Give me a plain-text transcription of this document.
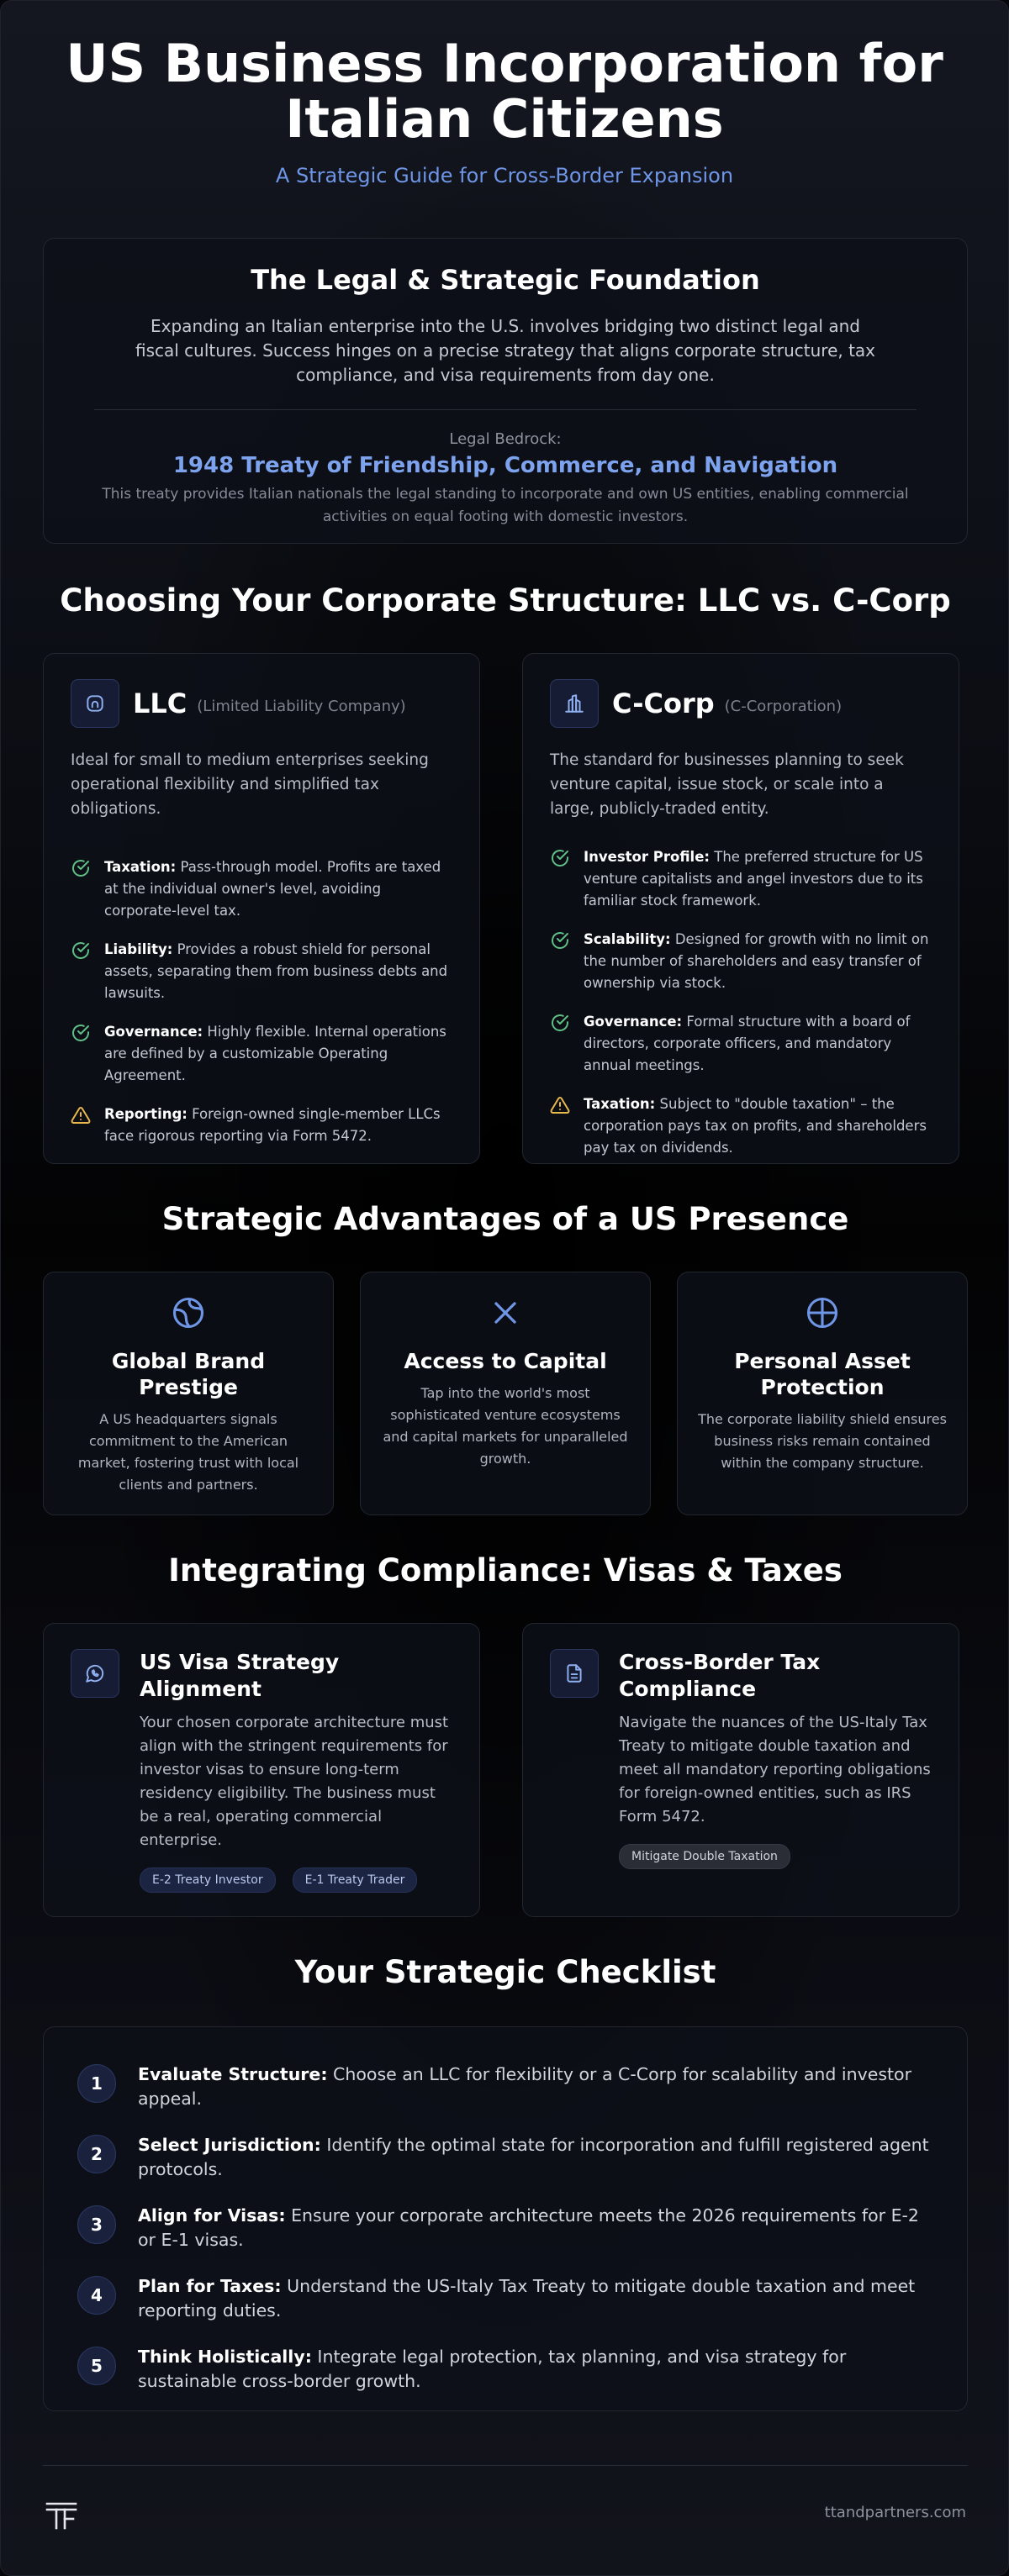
US Business Incorporation for Italian Citizens
A Strategic Guide for Cross-Border Expansion
The Legal & Strategic Foundation

Expanding an Italian enterprise into the U.S. involves bridging two distinct legal and fiscal cultures. Success hinges on a precise strategy that aligns corporate structure, tax compliance, and visa requirements from day one.

Legal Bedrock:
1948 Treaty of Friendship, Commerce, and Navigation

This treaty provides Italian nationals the legal standing to incorporate and own US entities, enabling commercial activities on equal footing with domestic investors.

Choosing Your Corporate Structure: LLC vs. C-Corp
LLC (Limited Liability Company)

Ideal for small to medium enterprises seeking operational flexibility and simplified tax obligations.

Taxation: Pass-through model. Profits are taxed at the individual owner's level, avoiding corporate-level tax.
Liability: Provides a robust shield for personal assets, separating them from business debts and lawsuits.
Governance: Highly flexible. Internal operations are defined by a customizable Operating Agreement.
Reporting: Foreign-owned single-member LLCs face rigorous reporting via Form 5472.
C-Corp (C-Corporation)

The standard for businesses planning to seek venture capital, issue stock, or scale into a large, publicly-traded entity.

Investor Profile: The preferred structure for US venture capitalists and angel investors due to its familiar stock framework.
Scalability: Designed for growth with no limit on the number of shareholders and easy transfer of ownership via stock.
Governance: Formal structure with a board of directors, corporate officers, and mandatory annual meetings.
Taxation: Subject to "double taxation" – the corporation pays tax on profits, and shareholders pay tax on dividends.
Strategic Advantages of a US Presence
Global Brand Prestige

A US headquarters signals commitment to the American market, fostering trust with local clients and partners.

Access to Capital

Tap into the world's most sophisticated venture ecosystems and capital markets for unparalleled growth.

Personal Asset Protection

The corporate liability shield ensures business risks remain contained within the company structure.

Integrating Compliance: Visas & Taxes
US Visa Strategy Alignment

Your chosen corporate architecture must align with the stringent requirements for investor visas to ensure long-term residency eligibility. The business must be a real, operating commercial enterprise.

E-2 Treaty Investor	E-1 Treaty Trader
Cross-Border Tax Compliance

Navigate the nuances of the US-Italy Tax Treaty to mitigate double taxation and meet all mandatory reporting obligations for foreign-owned entities, such as IRS Form 5472.

Mitigate Double Taxation
Your Strategic Checklist
1	Evaluate Structure: Choose an LLC for flexibility or a C-Corp for scalability and investor appeal.
2	Select Jurisdiction: Identify the optimal state for incorporation and fulfill registered agent protocols.
3	Align for Visas: Ensure your corporate architecture meets the 2026 requirements for E-2 or E-1 visas.
4	Plan for Taxes: Understand the US-Italy Tax Treaty to mitigate double taxation and meet reporting duties.
5	Think Holistically: Integrate legal protection, tax planning, and visa strategy for sustainable cross-border growth.
ttandpartners.com
